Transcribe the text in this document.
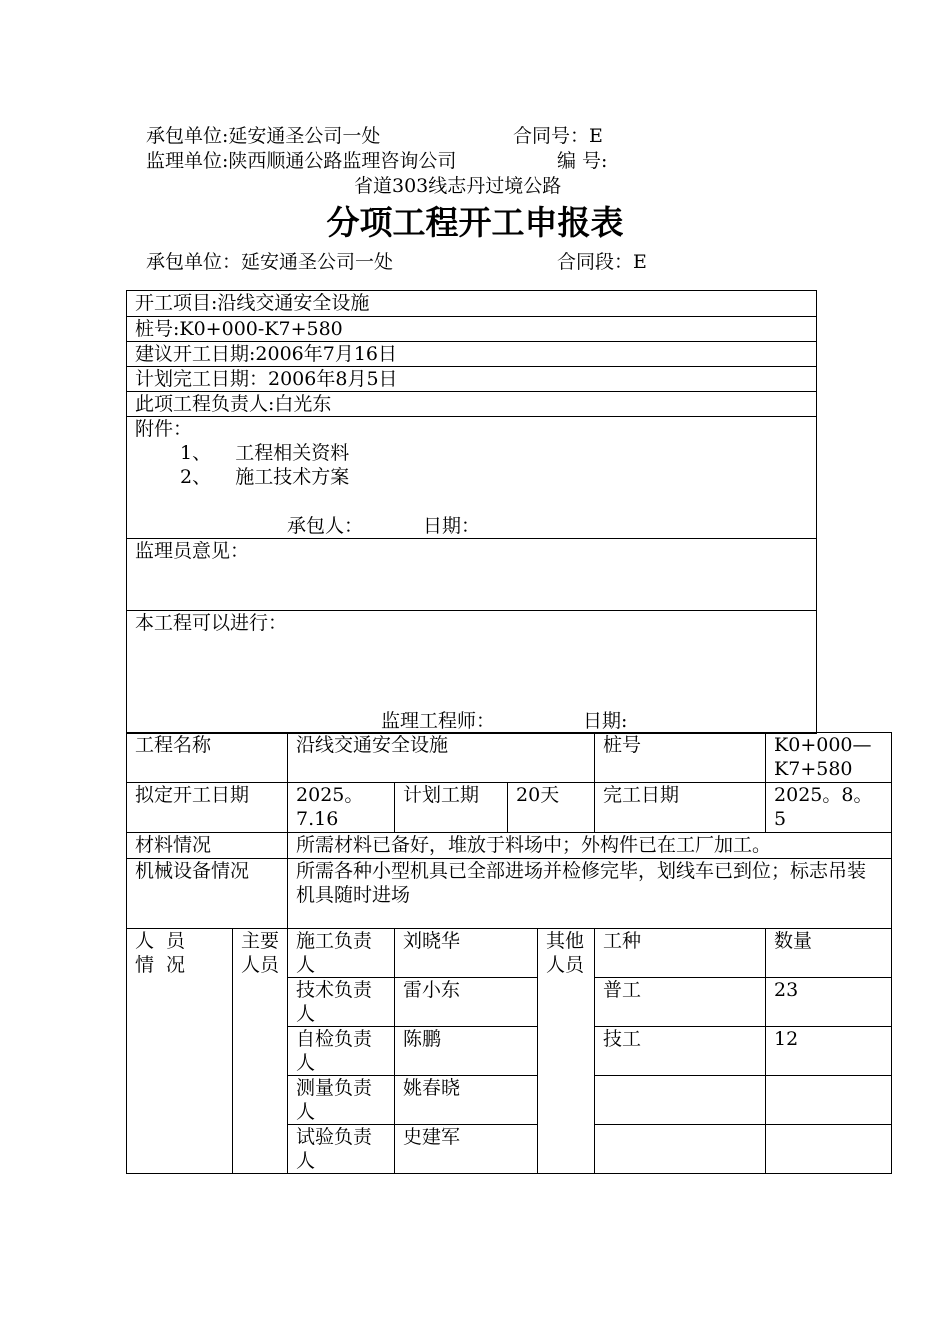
承包单位:延安通圣公司一处	合同号：E
监理单位:陕西顺通公路监理咨询公司	编 号:
省道303线志丹过境公路
分项工程开工申报表
承包单位：延安通圣公司一处	合同段：E
开工项目:沿线交通安全设施
桩号:K0+000-K7+580
建议开工日期:2006年7月16日
计划完工日期：2006年8月5日
此项工程负责人:白光东

附件：
1、    工程相关资料
2、    施工技术方案
承包人：	日期：

监理员意见：

本工程可以进行：
监理工程师：	日期:
工程名称		沿线交通安全设施				桩号	K0+000—K7+580
拟定开工日期		2025。7.16	计划工期	20天		完工日期	2025。8。5
材料情况		所需材料已备好，堆放于料场中；外构件已在工厂加工。					
机械设备情况		所需各种小型机具已全部进场并检修完毕，划线车已到位；标志吊装机具随时进场					
人员情况	主要人员	施工负责人	刘晓华		其他人员	工种	数量
		技术负责人	雷小东			普工	23
		自检负责人	陈鹏			技工	12
		测量负责人	姚春晓				
		试验负责人	史建军				
